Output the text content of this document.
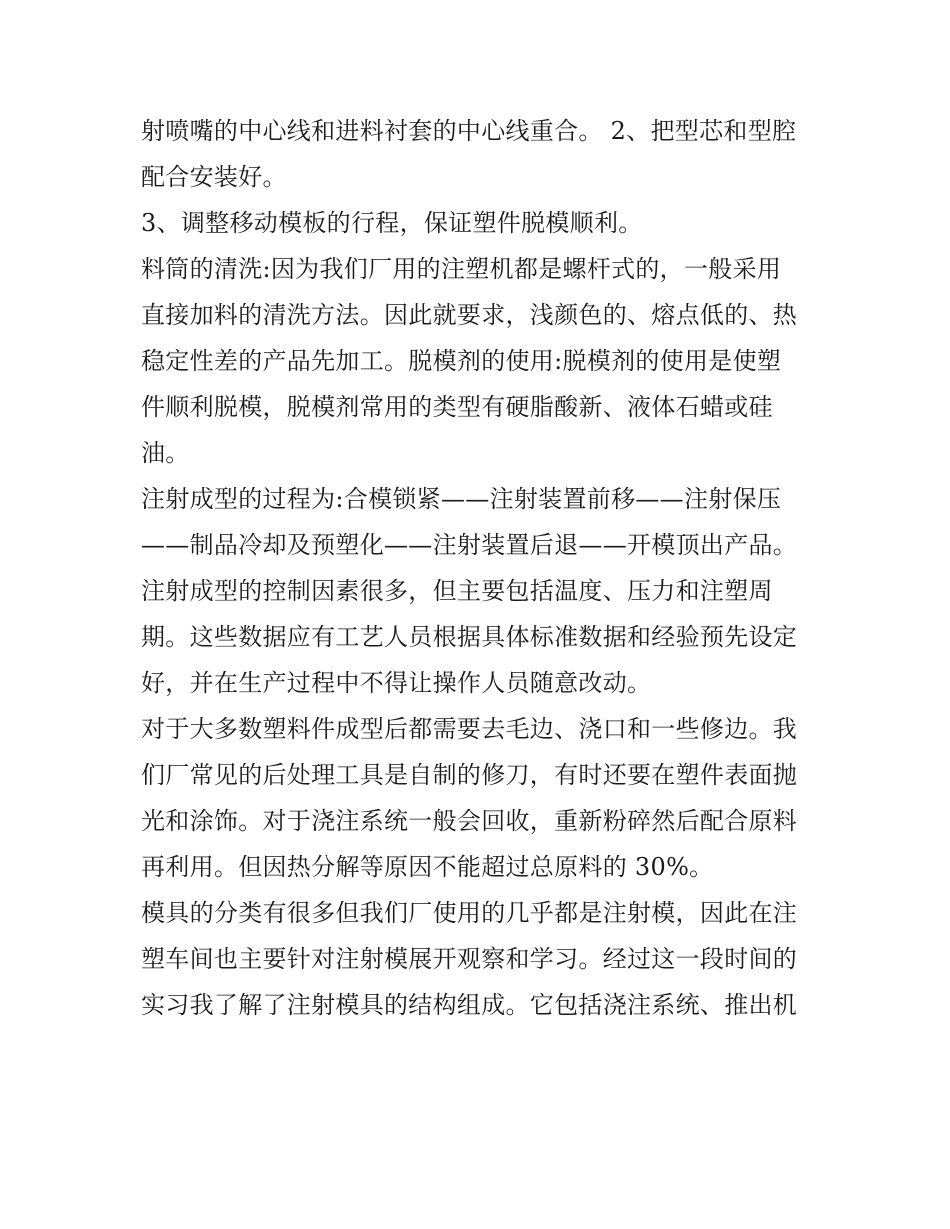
射喷嘴的中心线和进料衬套的中心线重合。 2、把型芯和型腔
配合安装好。
3、调整移动模板的行程，保证塑件脱模顺利。
料筒的清洗:因为我们厂用的注塑机都是螺杆式的，一般采用
直接加料的清洗方法。因此就要求，浅颜色的、熔点低的、热
稳定性差的产品先加工。脱模剂的使用:脱模剂的使用是使塑
件顺利脱模，脱模剂常用的类型有硬脂酸新、液体石蜡或硅
油。
注射成型的过程为:合模锁紧——注射装置前移——注射保压
——制品冷却及预塑化——注射装置后退——开模顶出产品。
注射成型的控制因素很多，但主要包括温度、压力和注塑周
期。这些数据应有工艺人员根据具体标准数据和经验预先设定
好，并在生产过程中不得让操作人员随意改动。
对于大多数塑料件成型后都需要去毛边、浇口和一些修边。我
们厂常见的后处理工具是自制的修刀，有时还要在塑件表面抛
光和涂饰。对于浇注系统一般会回收，重新粉碎然后配合原料
再利用。但因热分解等原因不能超过总原料的 30%。
模具的分类有很多但我们厂使用的几乎都是注射模，因此在注
塑车间也主要针对注射模展开观察和学习。经过这一段时间的
实习我了解了注射模具的结构组成。它包括浇注系统、推出机
